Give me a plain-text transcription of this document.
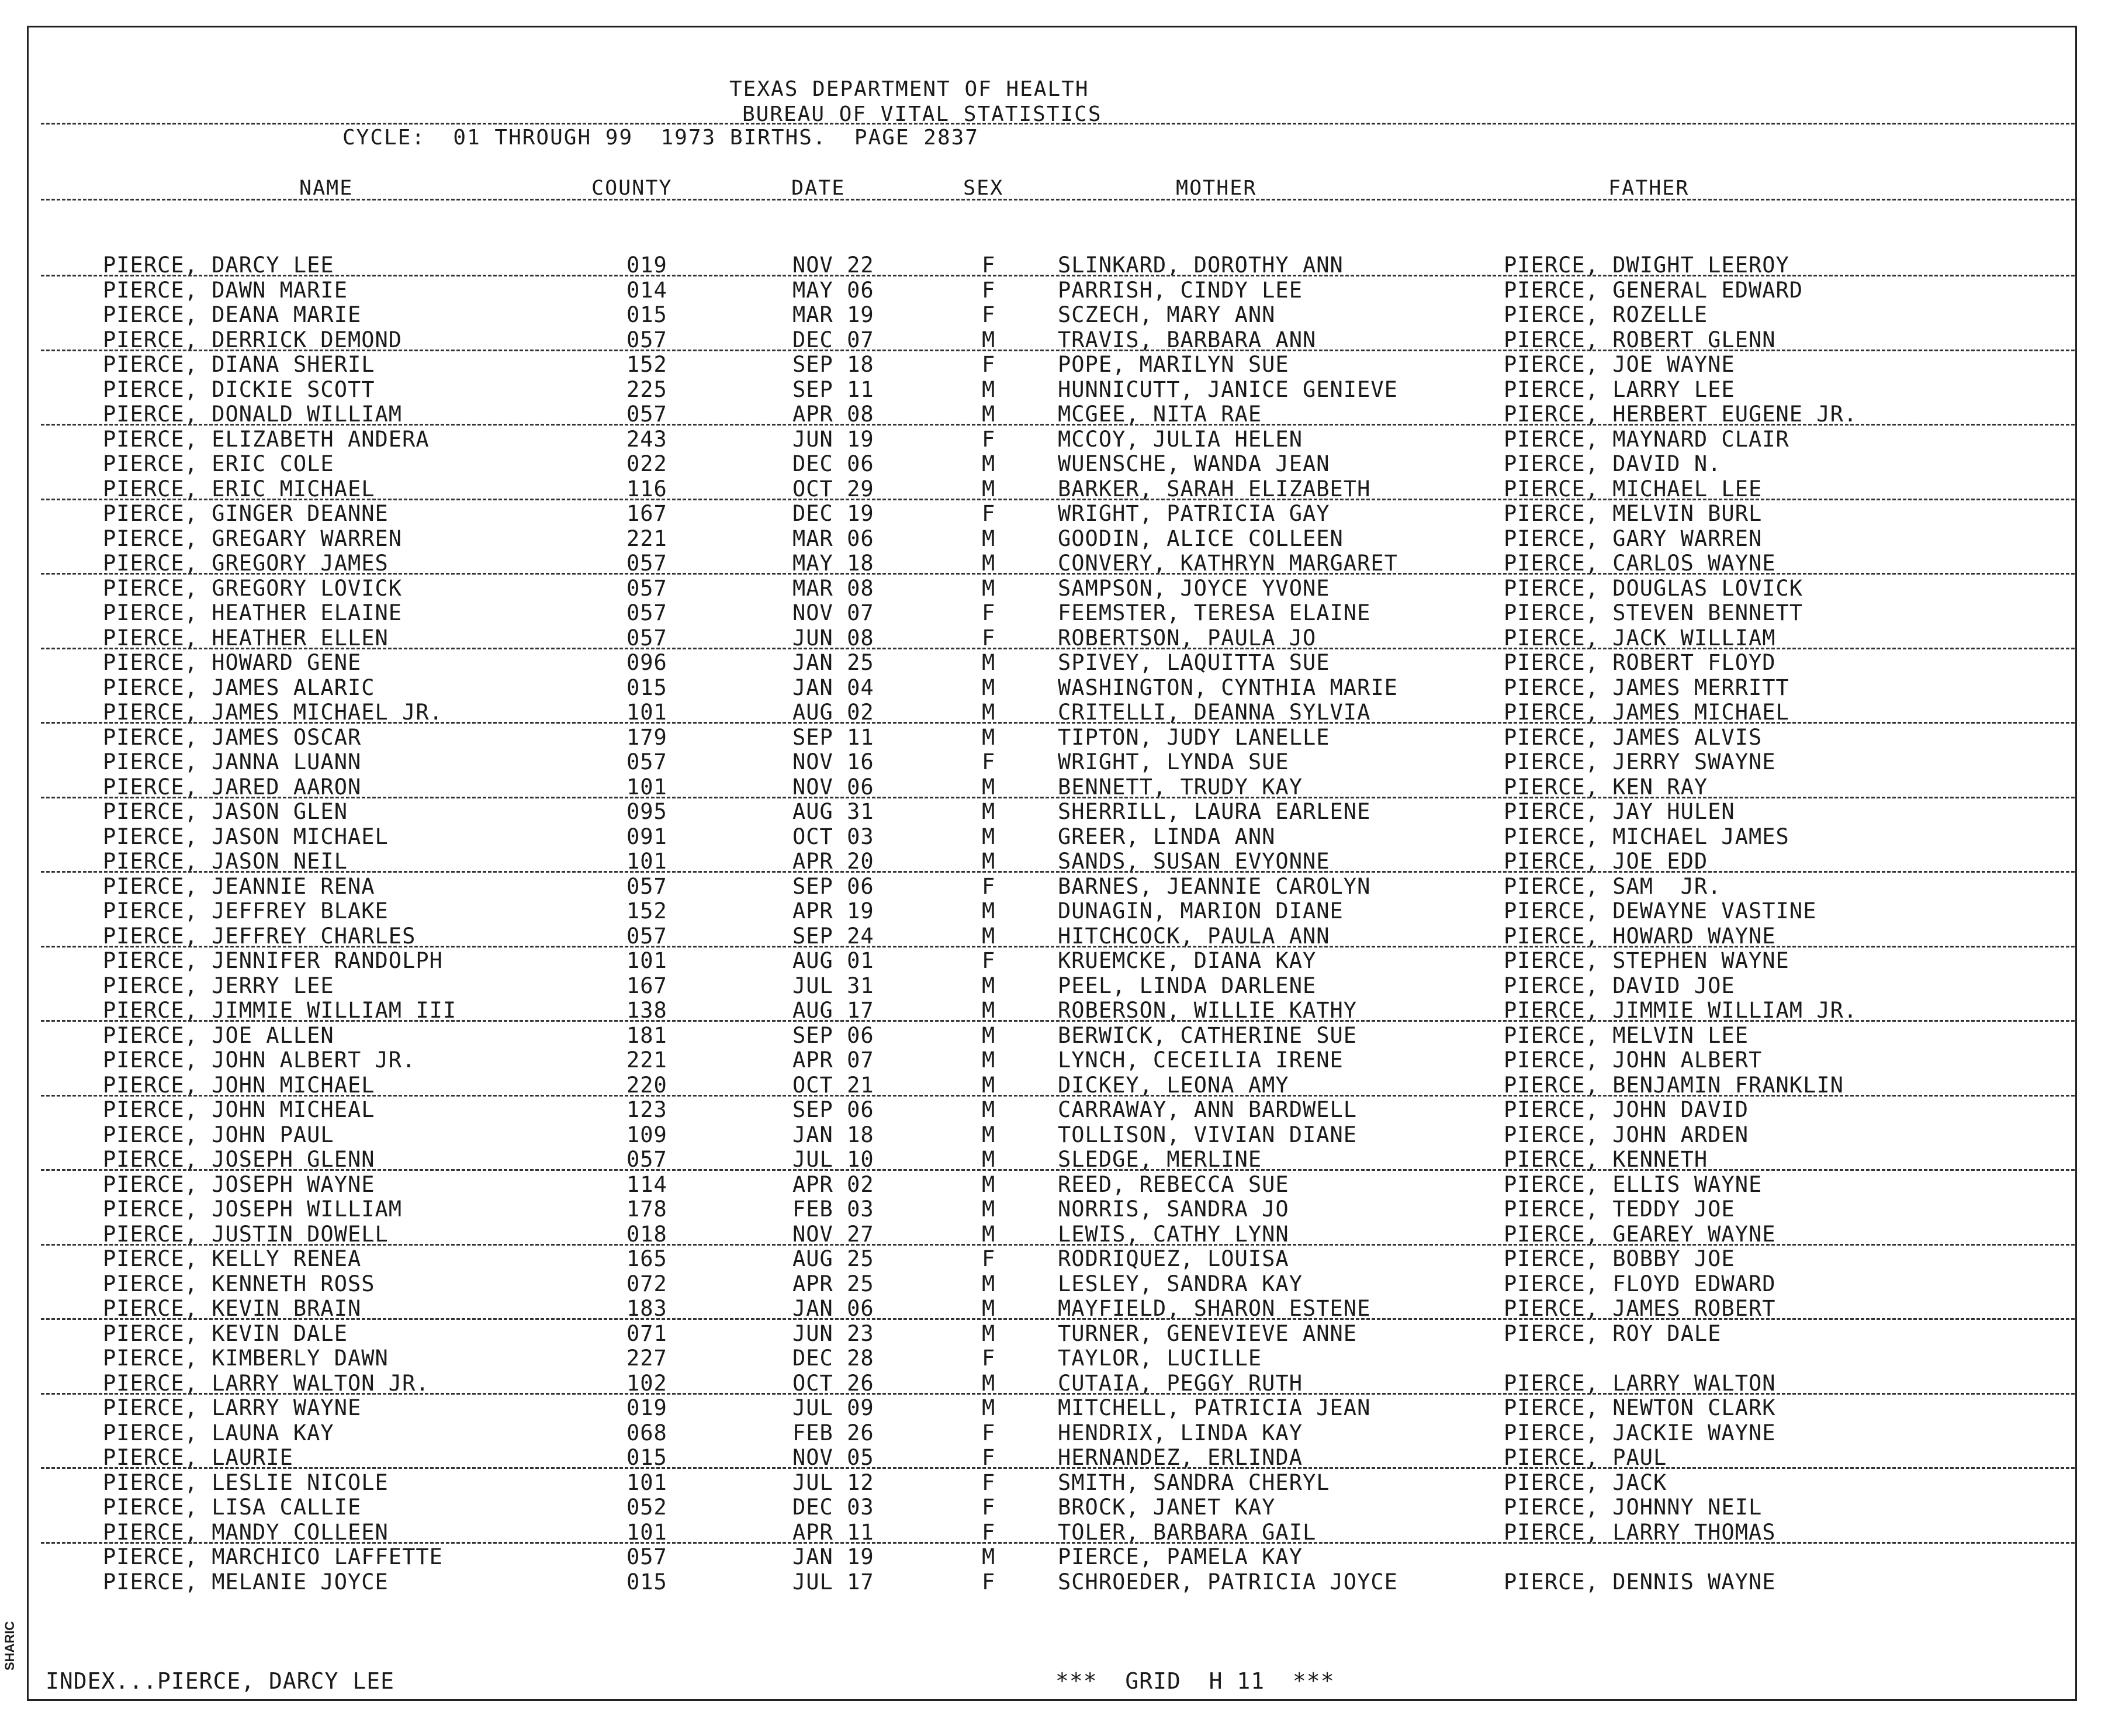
TEXAS DEPARTMENT OF HEALTH
BUREAU OF VITAL STATISTICS
CYCLE:  01 THROUGH 99  1973 BIRTHS.  PAGE 2837
NAME	COUNTY	DATE	SEX	MOTHER	FATHER
PIERCE, DARCY LEE	019	NOV 22	F	SLINKARD, DOROTHY ANN	PIERCE, DWIGHT LEEROY
PIERCE, DAWN MARIE	014	MAY 06	F	PARRISH, CINDY LEE	PIERCE, GENERAL EDWARD
PIERCE, DEANA MARIE	015	MAR 19	F	SCZECH, MARY ANN	PIERCE, ROZELLE
PIERCE, DERRICK DEMOND	057	DEC 07	M	TRAVIS, BARBARA ANN	PIERCE, ROBERT GLENN
PIERCE, DIANA SHERIL	152	SEP 18	F	POPE, MARILYN SUE	PIERCE, JOE WAYNE
PIERCE, DICKIE SCOTT	225	SEP 11	M	HUNNICUTT, JANICE GENIEVE	PIERCE, LARRY LEE
PIERCE, DONALD WILLIAM	057	APR 08	M	MCGEE, NITA RAE	PIERCE, HERBERT EUGENE JR.
PIERCE, ELIZABETH ANDERA	243	JUN 19	F	MCCOY, JULIA HELEN	PIERCE, MAYNARD CLAIR
PIERCE, ERIC COLE	022	DEC 06	M	WUENSCHE, WANDA JEAN	PIERCE, DAVID N.
PIERCE, ERIC MICHAEL	116	OCT 29	M	BARKER, SARAH ELIZABETH	PIERCE, MICHAEL LEE
PIERCE, GINGER DEANNE	167	DEC 19	F	WRIGHT, PATRICIA GAY	PIERCE, MELVIN BURL
PIERCE, GREGARY WARREN	221	MAR 06	M	GOODIN, ALICE COLLEEN	PIERCE, GARY WARREN
PIERCE, GREGORY JAMES	057	MAY 18	M	CONVERY, KATHRYN MARGARET	PIERCE, CARLOS WAYNE
PIERCE, GREGORY LOVICK	057	MAR 08	M	SAMPSON, JOYCE YVONE	PIERCE, DOUGLAS LOVICK
PIERCE, HEATHER ELAINE	057	NOV 07	F	FEEMSTER, TERESA ELAINE	PIERCE, STEVEN BENNETT
PIERCE, HEATHER ELLEN	057	JUN 08	F	ROBERTSON, PAULA JO	PIERCE, JACK WILLIAM
PIERCE, HOWARD GENE	096	JAN 25	M	SPIVEY, LAQUITTA SUE	PIERCE, ROBERT FLOYD
PIERCE, JAMES ALARIC	015	JAN 04	M	WASHINGTON, CYNTHIA MARIE	PIERCE, JAMES MERRITT
PIERCE, JAMES MICHAEL JR.	101	AUG 02	M	CRITELLI, DEANNA SYLVIA	PIERCE, JAMES MICHAEL
PIERCE, JAMES OSCAR	179	SEP 11	M	TIPTON, JUDY LANELLE	PIERCE, JAMES ALVIS
PIERCE, JANNA LUANN	057	NOV 16	F	WRIGHT, LYNDA SUE	PIERCE, JERRY SWAYNE
PIERCE, JARED AARON	101	NOV 06	M	BENNETT, TRUDY KAY	PIERCE, KEN RAY
PIERCE, JASON GLEN	095	AUG 31	M	SHERRILL, LAURA EARLENE	PIERCE, JAY HULEN
PIERCE, JASON MICHAEL	091	OCT 03	M	GREER, LINDA ANN	PIERCE, MICHAEL JAMES
PIERCE, JASON NEIL	101	APR 20	M	SANDS, SUSAN EVYONNE	PIERCE, JOE EDD
PIERCE, JEANNIE RENA	057	SEP 06	F	BARNES, JEANNIE CAROLYN	PIERCE, SAM  JR.
PIERCE, JEFFREY BLAKE	152	APR 19	M	DUNAGIN, MARION DIANE	PIERCE, DEWAYNE VASTINE
PIERCE, JEFFREY CHARLES	057	SEP 24	M	HITCHCOCK, PAULA ANN	PIERCE, HOWARD WAYNE
PIERCE, JENNIFER RANDOLPH	101	AUG 01	F	KRUEMCKE, DIANA KAY	PIERCE, STEPHEN WAYNE
PIERCE, JERRY LEE	167	JUL 31	M	PEEL, LINDA DARLENE	PIERCE, DAVID JOE
PIERCE, JIMMIE WILLIAM III	138	AUG 17	M	ROBERSON, WILLIE KATHY	PIERCE, JIMMIE WILLIAM JR.
PIERCE, JOE ALLEN	181	SEP 06	M	BERWICK, CATHERINE SUE	PIERCE, MELVIN LEE
PIERCE, JOHN ALBERT JR.	221	APR 07	M	LYNCH, CECEILIA IRENE	PIERCE, JOHN ALBERT
PIERCE, JOHN MICHAEL	220	OCT 21	M	DICKEY, LEONA AMY	PIERCE, BENJAMIN FRANKLIN
PIERCE, JOHN MICHEAL	123	SEP 06	M	CARRAWAY, ANN BARDWELL	PIERCE, JOHN DAVID
PIERCE, JOHN PAUL	109	JAN 18	M	TOLLISON, VIVIAN DIANE	PIERCE, JOHN ARDEN
PIERCE, JOSEPH GLENN	057	JUL 10	M	SLEDGE, MERLINE	PIERCE, KENNETH
PIERCE, JOSEPH WAYNE	114	APR 02	M	REED, REBECCA SUE	PIERCE, ELLIS WAYNE
PIERCE, JOSEPH WILLIAM	178	FEB 03	M	NORRIS, SANDRA JO	PIERCE, TEDDY JOE
PIERCE, JUSTIN DOWELL	018	NOV 27	M	LEWIS, CATHY LYNN	PIERCE, GEAREY WAYNE
PIERCE, KELLY RENEA	165	AUG 25	F	RODRIQUEZ, LOUISA	PIERCE, BOBBY JOE
PIERCE, KENNETH ROSS	072	APR 25	M	LESLEY, SANDRA KAY	PIERCE, FLOYD EDWARD
PIERCE, KEVIN BRAIN	183	JAN 06	M	MAYFIELD, SHARON ESTENE	PIERCE, JAMES ROBERT
PIERCE, KEVIN DALE	071	JUN 23	M	TURNER, GENEVIEVE ANNE	PIERCE, ROY DALE
PIERCE, KIMBERLY DAWN	227	DEC 28	F	TAYLOR, LUCILLE
PIERCE, LARRY WALTON JR.	102	OCT 26	M	CUTAIA, PEGGY RUTH	PIERCE, LARRY WALTON
PIERCE, LARRY WAYNE	019	JUL 09	M	MITCHELL, PATRICIA JEAN	PIERCE, NEWTON CLARK
PIERCE, LAUNA KAY	068	FEB 26	F	HENDRIX, LINDA KAY	PIERCE, JACKIE WAYNE
PIERCE, LAURIE	015	NOV 05	F	HERNANDEZ, ERLINDA	PIERCE, PAUL
PIERCE, LESLIE NICOLE	101	JUL 12	F	SMITH, SANDRA CHERYL	PIERCE, JACK
PIERCE, LISA CALLIE	052	DEC 03	F	BROCK, JANET KAY	PIERCE, JOHNNY NEIL
PIERCE, MANDY COLLEEN	101	APR 11	F	TOLER, BARBARA GAIL	PIERCE, LARRY THOMAS
PIERCE, MARCHICO LAFFETTE	057	JAN 19	M	PIERCE, PAMELA KAY
PIERCE, MELANIE JOYCE	015	JUL 17	F	SCHROEDER, PATRICIA JOYCE	PIERCE, DENNIS WAYNE
INDEX...PIERCE, DARCY LEE	***  GRID  H 11  ***
SHARIC
